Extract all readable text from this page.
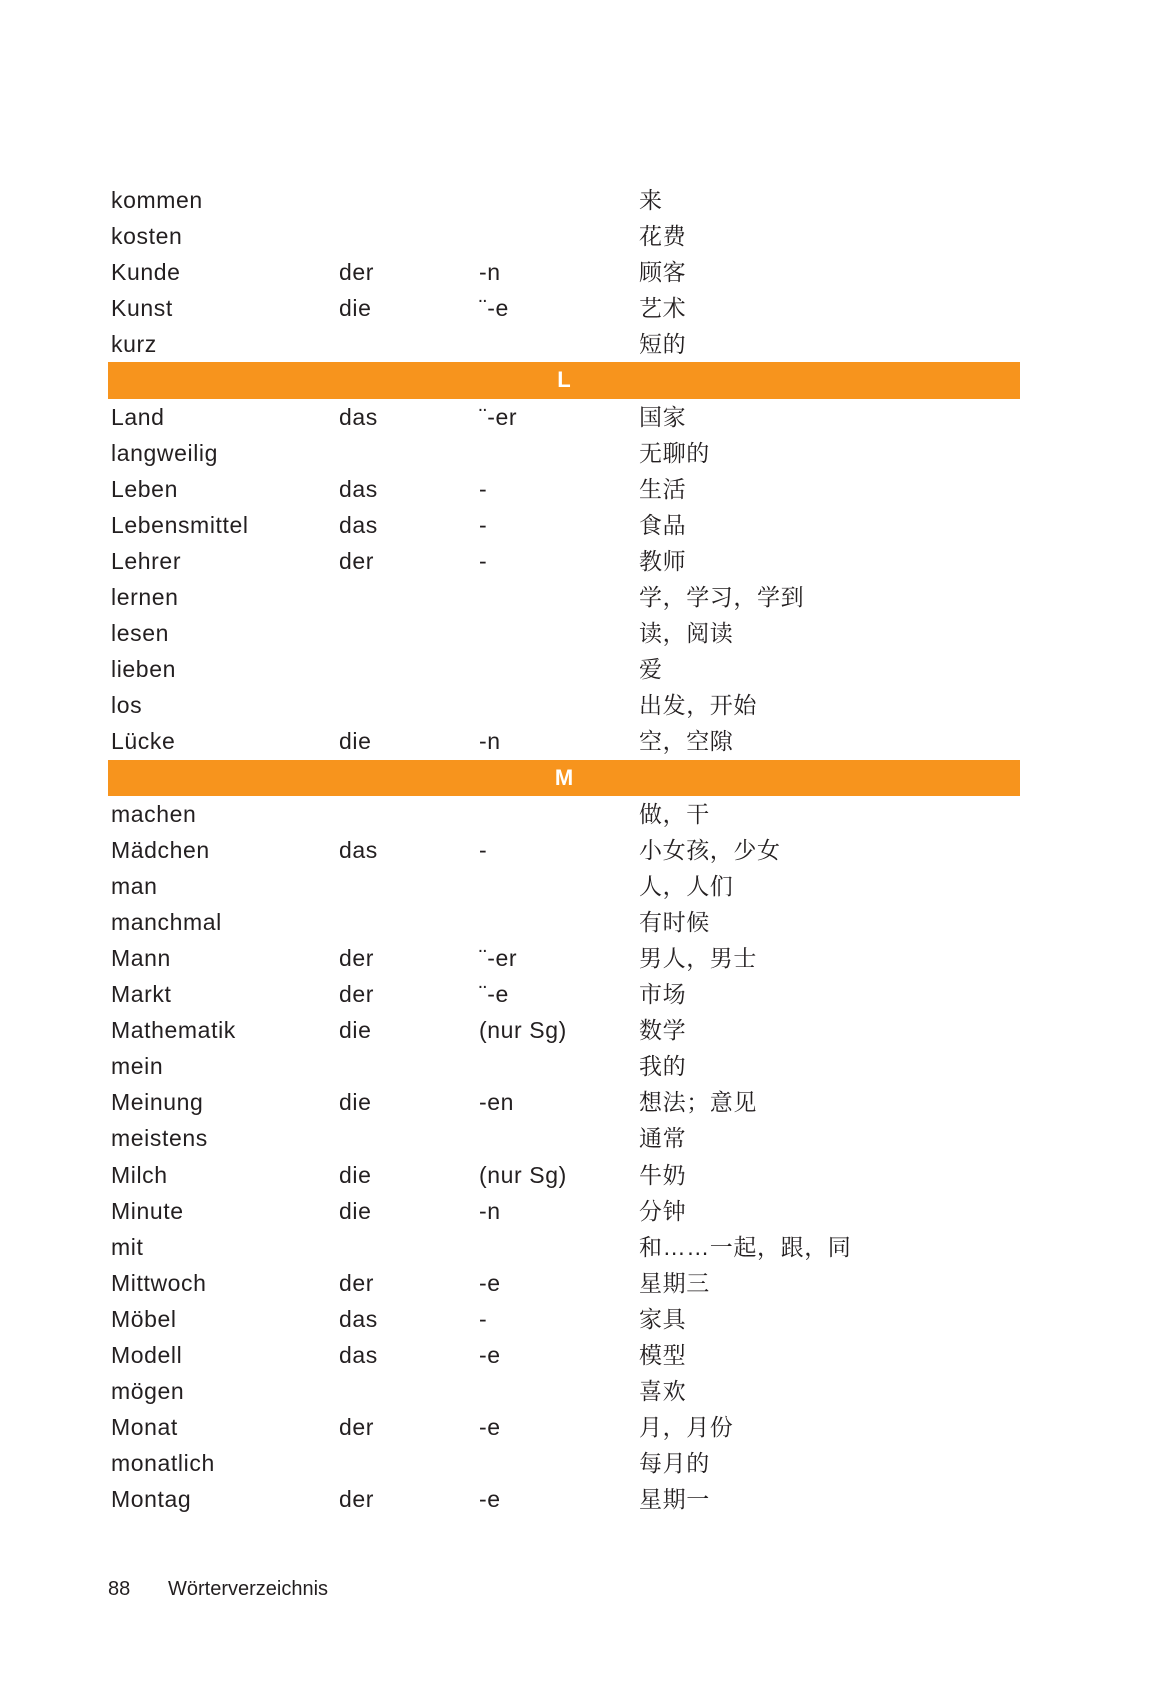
kommen	来
kosten	花费
Kunde	der	-n	顾客
Kunst	die	¨-e	艺术
kurz	短的
L
Land	das	¨-er	国家
langweilig	无聊的
Leben	das	-	生活
Lebensmittel	das	-	食品
Lehrer	der	-	教师
lernen	学，学习，学到
lesen	读，阅读
lieben	爱
los	出发，开始
Lücke	die	-n	空，空隙
M
machen	做，干
Mädchen	das	-	小女孩，少女
man	人，人们
manchmal	有时候
Mann	der	¨-er	男人，男士
Markt	der	¨-e	市场
Mathematik	die	(nur Sg)	数学
mein	我的
Meinung	die	-en	想法；意见
meistens	通常
Milch	die	(nur Sg)	牛奶
Minute	die	-n	分钟
mit	和……一起，跟，同
Mittwoch	der	-e	星期三
Möbel	das	-	家具
Modell	das	-e	模型
mögen	喜欢
Monat	der	-e	月，月份
monatlich	每月的
Montag	der	-e	星期一
88 Wörterverzeichnis
